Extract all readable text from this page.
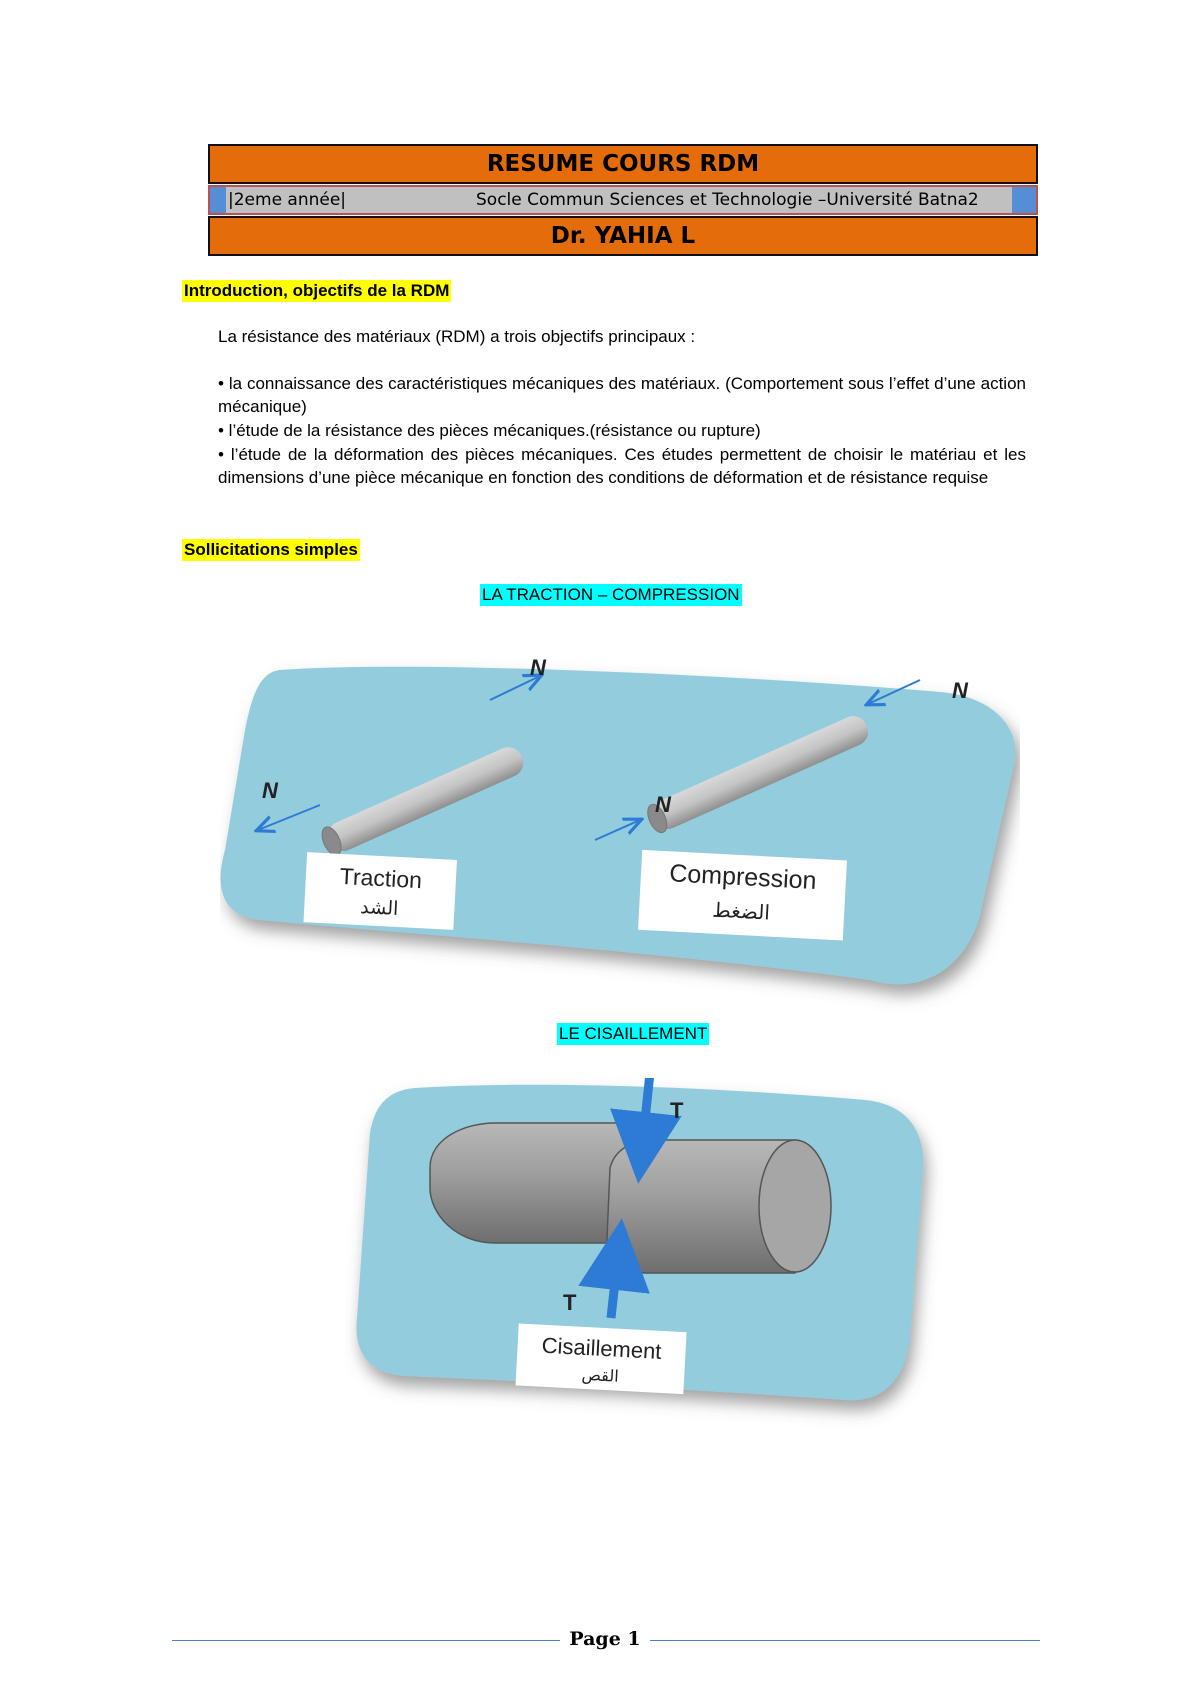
RESUME COURS RDM
|2eme année|	Socle Commun Sciences et Technologie –Université Batna2
Dr. YAHIA L
Introduction, objectifs de la RDM
La résistance des matériaux (RDM) a trois objectifs principaux :
• la connaissance des caractéristiques mécaniques des matériaux. (Comportement sous l’effet d’une action mécanique)
• l’étude de la résistance des pièces mécaniques.(résistance ou rupture)
• l’étude de la déformation des pièces mécaniques. Ces études permettent de choisir le matériau et les dimensions d’une pièce mécanique en fonction des conditions de déformation et de résistance requise
Sollicitations simples
LA TRACTION – COMPRESSION
N
N
N
N
Traction
الشد
Compression
الضغط
LE CISAILLEMENT
T
T
Cisaillement
القص
Page 1
